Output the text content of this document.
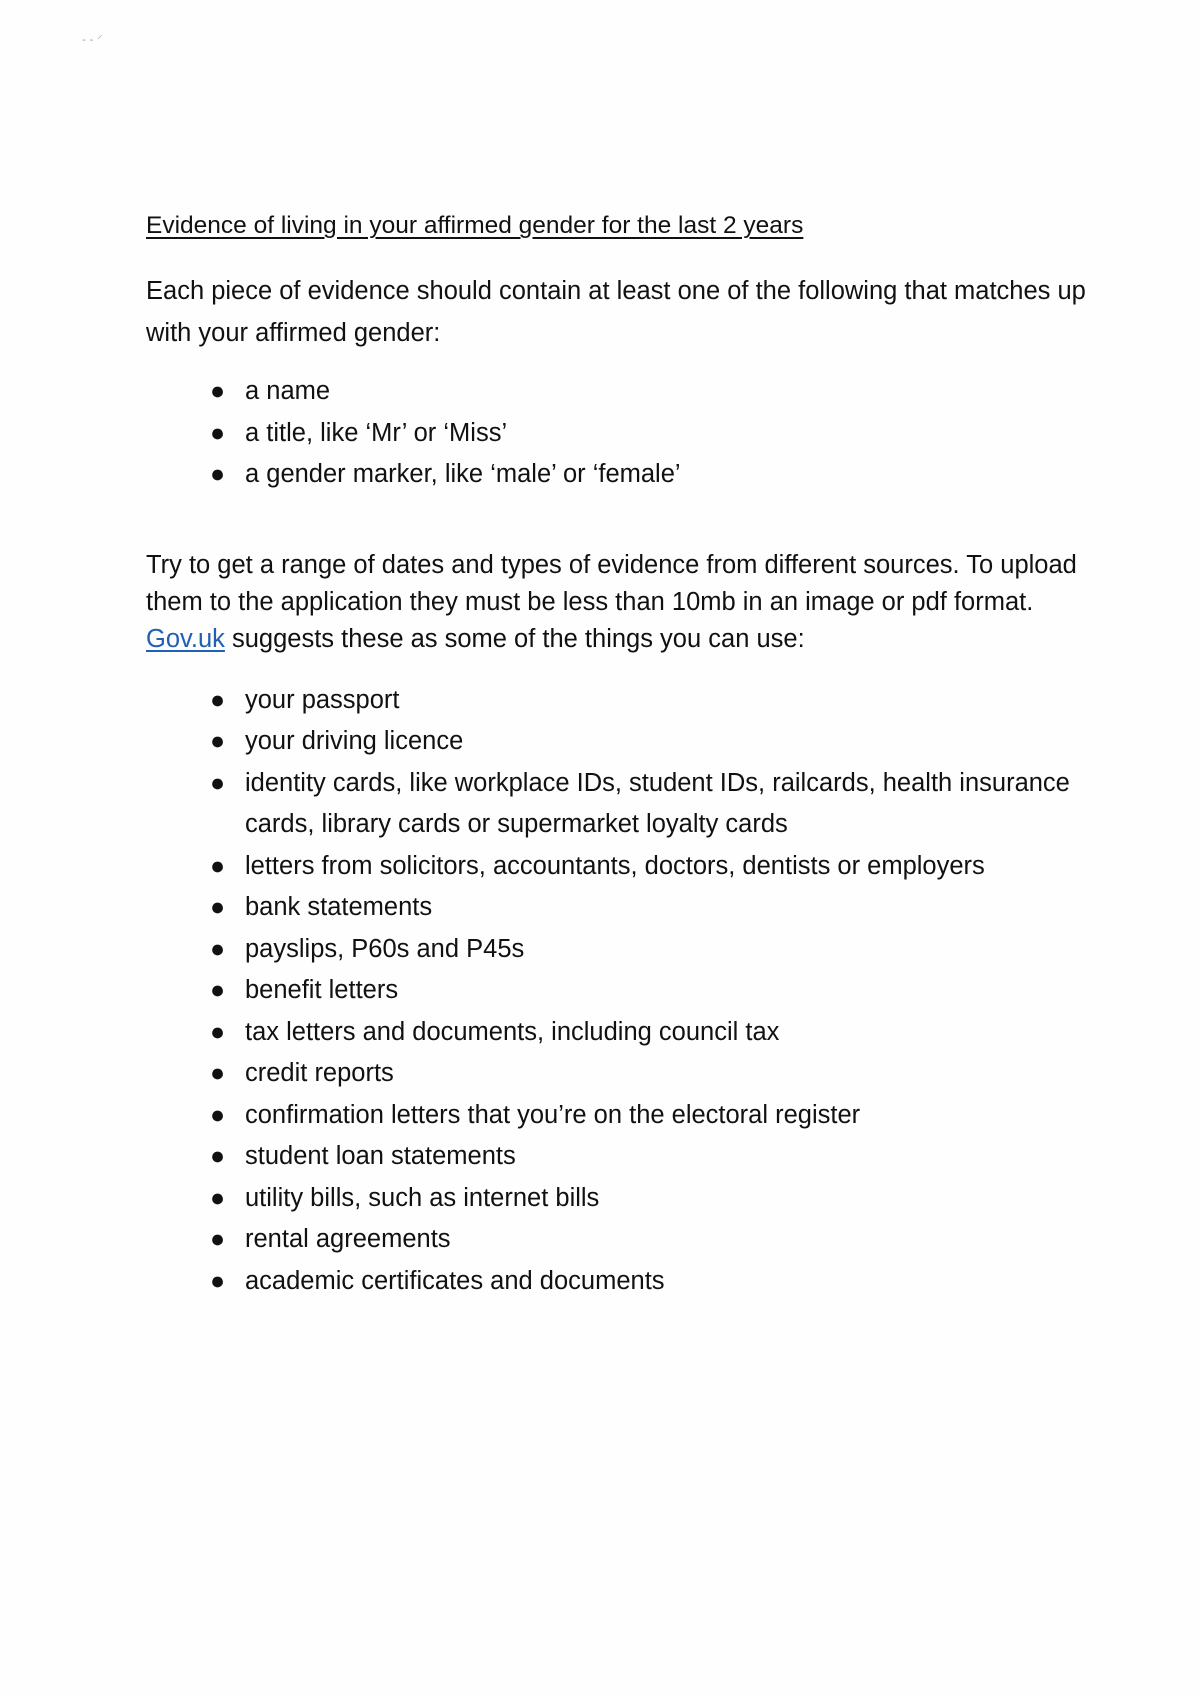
- - ⸍

Evidence of living in your affirmed gender for the last 2 years

Each piece of evidence should contain at least one of the following that matches up with your affirmed gender:

● a name
● a title, like ‘Mr’ or ‘Miss’
● a gender marker, like ‘male’ or ‘female’

Try to get a range of dates and types of evidence from different sources. To upload them to the application they must be less than 10mb in an image or pdf format. Gov.uk suggests these as some of the things you can use:

● your passport
● your driving licence
● identity cards, like workplace IDs, student IDs, railcards, health insurance cards, library cards or supermarket loyalty cards
● letters from solicitors, accountants, doctors, dentists or employers
● bank statements
● payslips, P60s and P45s
● benefit letters
● tax letters and documents, including council tax
● credit reports
● confirmation letters that you’re on the electoral register
● student loan statements
● utility bills, such as internet bills
● rental agreements
● academic certificates and documents
